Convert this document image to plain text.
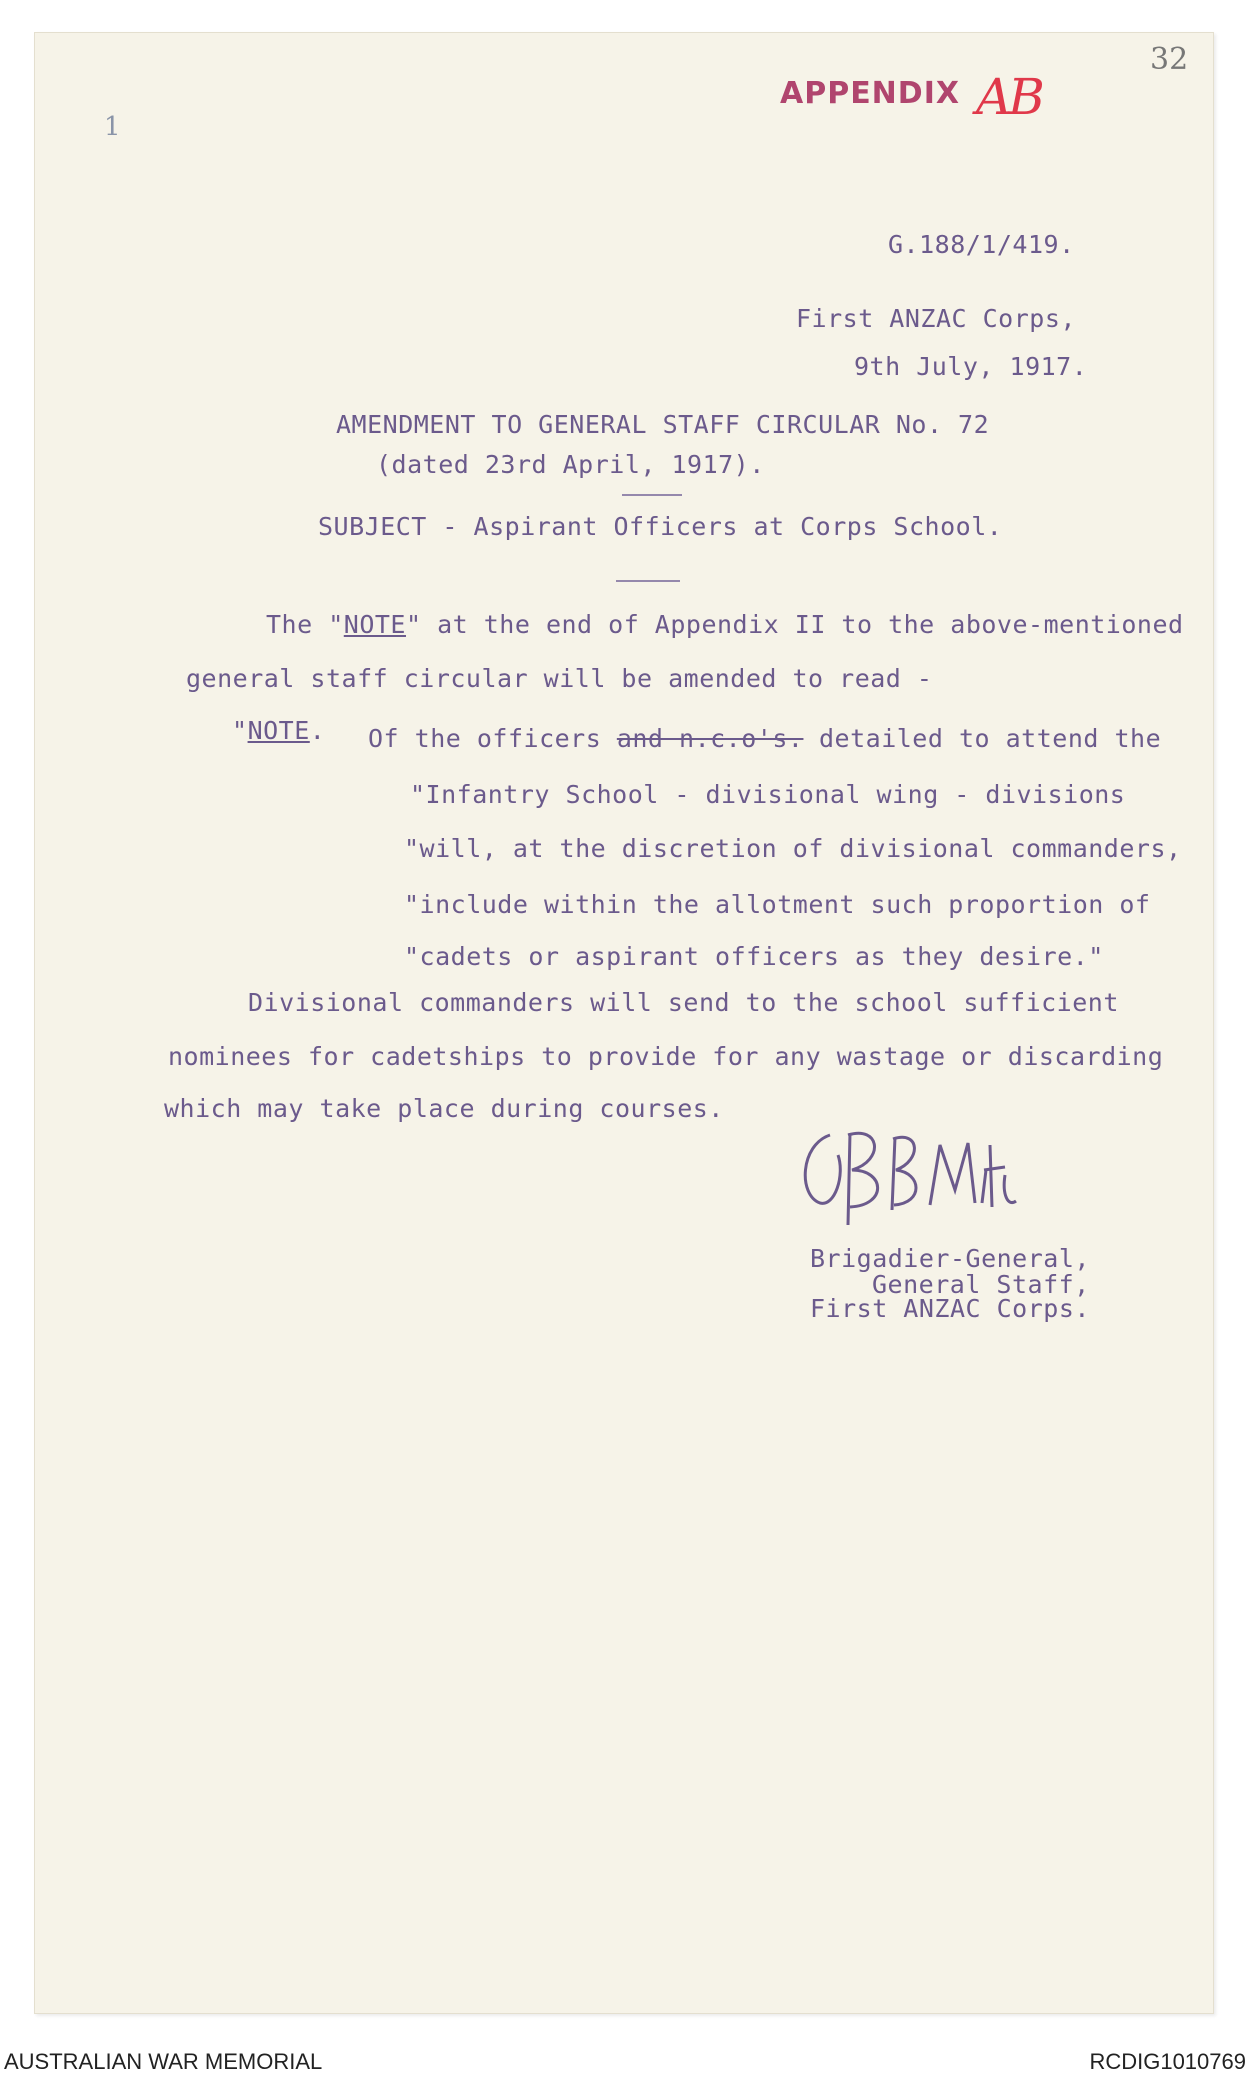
32
1
APPENDIX AB
G.188/1/419.
First ANZAC Corps,
9th July, 1917.
AMENDMENT TO GENERAL STAFF CIRCULAR No. 72
(dated 23rd April, 1917).
SUBJECT - Aspirant Officers at Corps School.
The "NOTE" at the end of Appendix II to the above-mentioned
general staff circular will be amended to read -
"NOTE. Of the officers and n.c.o's. detailed to attend the
"Infantry School - divisional wing - divisions
"will, at the discretion of divisional commanders,
"include within the allotment such proportion of
"cadets or aspirant officers as they desire."
Divisional commanders will send to the school sufficient
nominees for cadetships to provide for any wastage or discarding
which may take place during courses.
Brigadier-General,
General Staff,
First ANZAC Corps.
AUSTRALIAN WAR MEMORIAL	RCDIG1010769
